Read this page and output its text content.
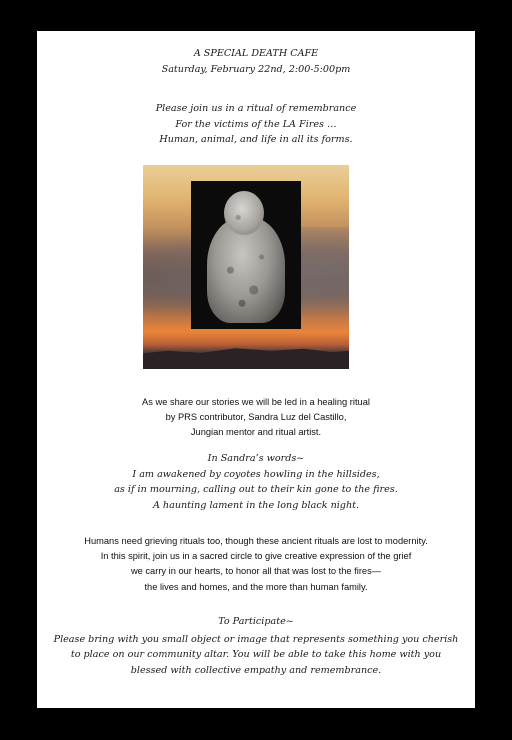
A SPECIAL DEATH CAFE
Saturday, February 22nd, 2:00-5:00pm
Please join us in a ritual of remembrance
For the victims of the LA Fires …
Human, animal, and life in all its forms.
As we share our stories we will be led in a healing ritual
by PRS contributor, Sandra Luz del Castillo,
Jungian mentor and ritual artist.
In Sandra’s words~
I am awakened by coyotes howling in the hillsides,
as if in mourning, calling out to their kin gone to the fires.
A haunting lament in the long black night.
Humans need grieving rituals too, though these ancient rituals are lost to modernity.
In this spirit, join us in a sacred circle to give creative expression of the grief
we carry in our hearts, to honor all that was lost to the fires—
the lives and homes, and the more than human family.
To Participate~
Please bring with you small object or image that represents something you cherish
to place on our community altar. You will be able to take this home with you
blessed with collective empathy and remembrance.
